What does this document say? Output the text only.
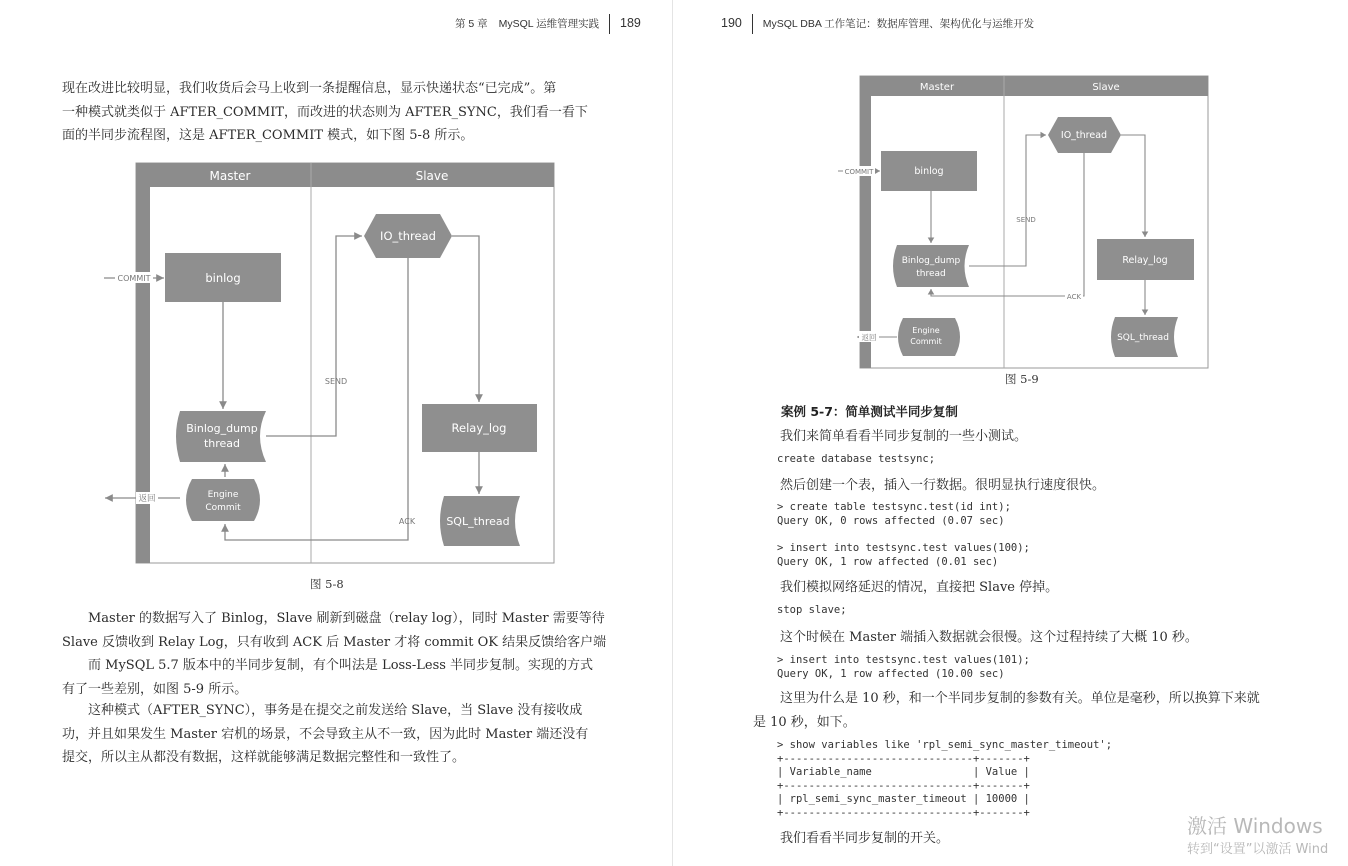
第 5 章 MySQL 运维管理实践 189
现在改进比较明显，我们收货后会马上收到一条提醒信息，显示快递状态“已完成”。第
一种模式就类似于 AFTER_COMMIT，而改进的状态则为 AFTER_SYNC，我们看一看下
面的半同步流程图，这是 AFTER_COMMIT 模式，如下图 5-8 所示。
Master	Slave
binlog
Binlog_dump
thread
Engine
Commit
IO_thread
Relay_log
SQL_thread
COMMIT
SEND
ACK
返回
图 5-8
Master 的数据写入了 Binlog，Slave 刷新到磁盘（relay log），同时 Master 需要等待
Slave 反馈收到 Relay Log，只有收到 ACK 后 Master 才将 commit OK 结果反馈给客户端
而 MySQL 5.7 版本中的半同步复制，有个叫法是 Loss-Less 半同步复制。实现的方式
有了一些差别，如图 5-9 所示。
这种模式（AFTER_SYNC），事务是在提交之前发送给 Slave，当 Slave 没有接收成
功，并且如果发生 Master 宕机的场景，不会导致主从不一致，因为此时 Master 端还没有
提交，所以主从都没有数据，这样就能够满足数据完整性和一致性了。
190 MySQL DBA 工作笔记：数据库管理、架构优化与运维开发
Master	Slave
binlog
Binlog_dump
thread
Engine
Commit
IO_thread
Relay_log
SQL_thread
COMMIT
SEND
ACK
返回
图 5-9
案例 5-7：简单测试半同步复制
我们来简单看看半同步复制的一些小测试。
create database testsync;
然后创建一个表，插入一行数据。很明显执行速度很快。
> create table testsync.test(id int);
Query OK, 0 rows affected (0.07 sec)
> insert into testsync.test values(100);
Query OK, 1 row affected (0.01 sec)
我们模拟网络延迟的情况，直接把 Slave 停掉。
stop slave;
这个时候在 Master 端插入数据就会很慢。这个过程持续了大概 10 秒。
> insert into testsync.test values(101);
Query OK, 1 row affected (10.00 sec)
这里为什么是 10 秒，和一个半同步复制的参数有关。单位是毫秒，所以换算下来就
是 10 秒，如下。
> show variables like 'rpl_semi_sync_master_timeout';
+------------------------------+-------+
| Variable_name                | Value |
+------------------------------+-------+
| rpl_semi_sync_master_timeout | 10000 |
+------------------------------+-------+
我们看看半同步复制的开关。
激活 Windows
转到“设置”以激活 Wind
